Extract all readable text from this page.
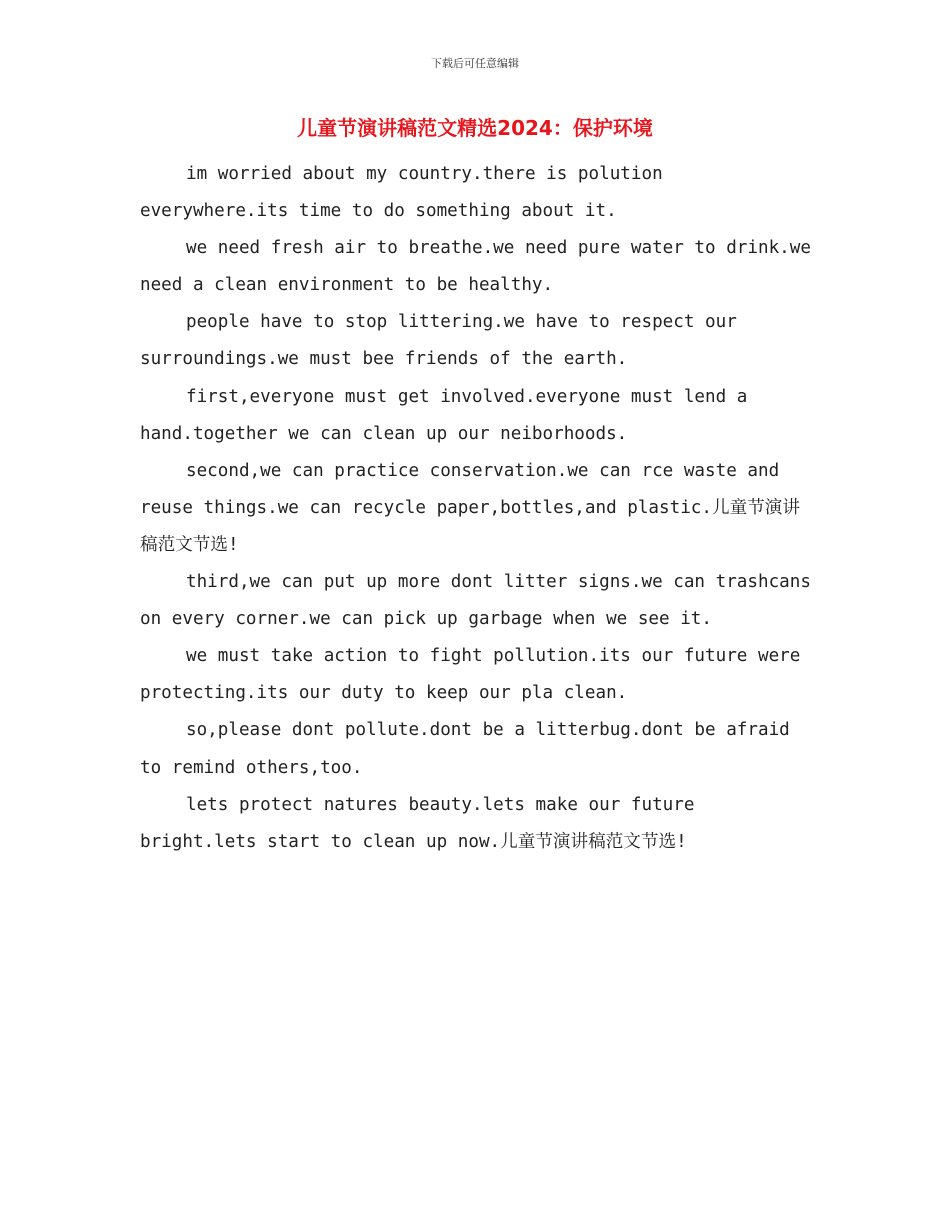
下载后可任意编辑
儿童节演讲稿范文精选2024：保护环境

im worried about my country.there is polution everywhere.its time to do something about it.

we need fresh air to breathe.we need pure water to drink.we need a clean environment to be healthy.

people have to stop littering.we have to respect our surroundings.we must bee friends of the earth.

first,everyone must get involved.everyone must lend a hand.together we can clean up our neiborhoods.

second,we can practice conservation.we can rce waste and reuse things.we can recycle paper,bottles,and plastic.儿童节演讲稿范文节选!

third,we can put up more dont litter signs.we can trashcans on every corner.we can pick up garbage when we see it.

we must take action to fight pollution.its our future were protecting.its our duty to keep our pla clean.

so,please dont pollute.dont be a litterbug.dont be afraid to remind others,too.

lets protect natures beauty.lets make our future bright.lets start to clean up now.儿童节演讲稿范文节选!
